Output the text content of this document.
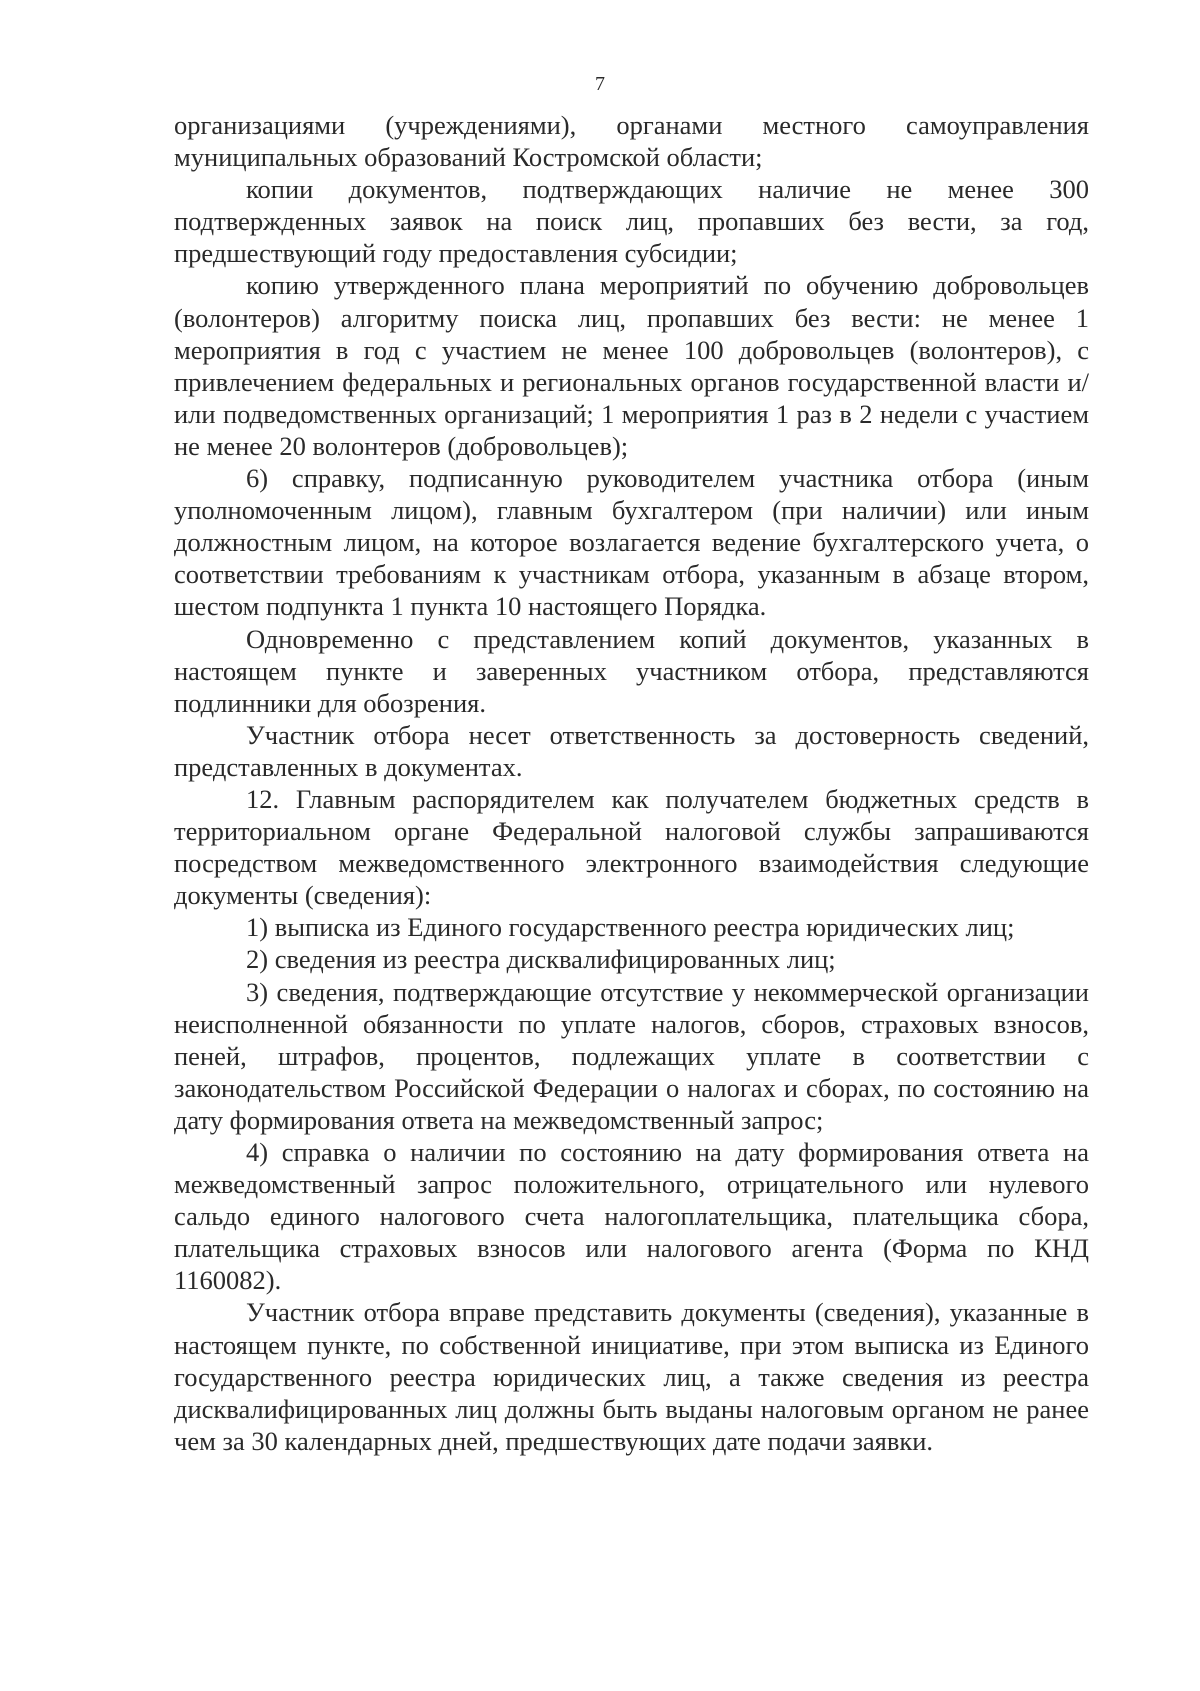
7

организациями (учреждениями), органами местного самоуправления муниципальных образований Костромской области;

копии документов, подтверждающих наличие не менее 300 подтвержденных заявок на поиск лиц, пропавших без вести, за год, предшествующий году предоставления субсидии;

копию утвержденного плана мероприятий по обучению добровольцев (волонтеров) алгоритму поиска лиц, пропавших без вести: не менее 1 мероприятия в год с участием не менее 100 добровольцев (волонтеров), с привлечением федеральных и региональных органов государственной власти и/или подведомственных организаций; 1 мероприятия 1 раз в 2 недели с участием не менее 20 волонтеров (добровольцев);

6) справку, подписанную руководителем участника отбора (иным уполномоченным лицом), главным бухгалтером (при наличии) или иным должностным лицом, на которое возлагается ведение бухгалтерского учета, о соответствии требованиям к участникам отбора, указанным в абзаце втором, шестом подпункта 1 пункта 10 настоящего Порядка.

Одновременно с представлением копий документов, указанных в настоящем пункте и заверенных участником отбора, представляются подлинники для обозрения.

Участник отбора несет ответственность за достоверность сведений, представленных в документах.

12. Главным распорядителем как получателем бюджетных средств в территориальном органе Федеральной налоговой службы запрашиваются посредством межведомственного электронного взаимодействия следующие документы (сведения):

1) выписка из Единого государственного реестра юридических лиц;

2) сведения из реестра дисквалифицированных лиц;

3) сведения, подтверждающие отсутствие у некоммерческой организации неисполненной обязанности по уплате налогов, сборов, страховых взносов, пеней, штрафов, процентов, подлежащих уплате в соответствии с законодательством Российской Федерации о налогах и сборах, по состоянию на дату формирования ответа на межведомственный запрос;

4) справка о наличии по состоянию на дату формирования ответа на межведомственный запрос положительного, отрицательного или нулевого сальдо единого налогового счета налогоплательщика, плательщика сбора, плательщика страховых взносов или налогового агента (Форма по КНД 1160082).

Участник отбора вправе представить документы (сведения), указанные в настоящем пункте, по собственной инициативе, при этом выписка из Единого государственного реестра юридических лиц, а также сведения из реестра дисквалифицированных лиц должны быть выданы налоговым органом не ранее чем за 30 календарных дней, предшествующих дате подачи заявки.
